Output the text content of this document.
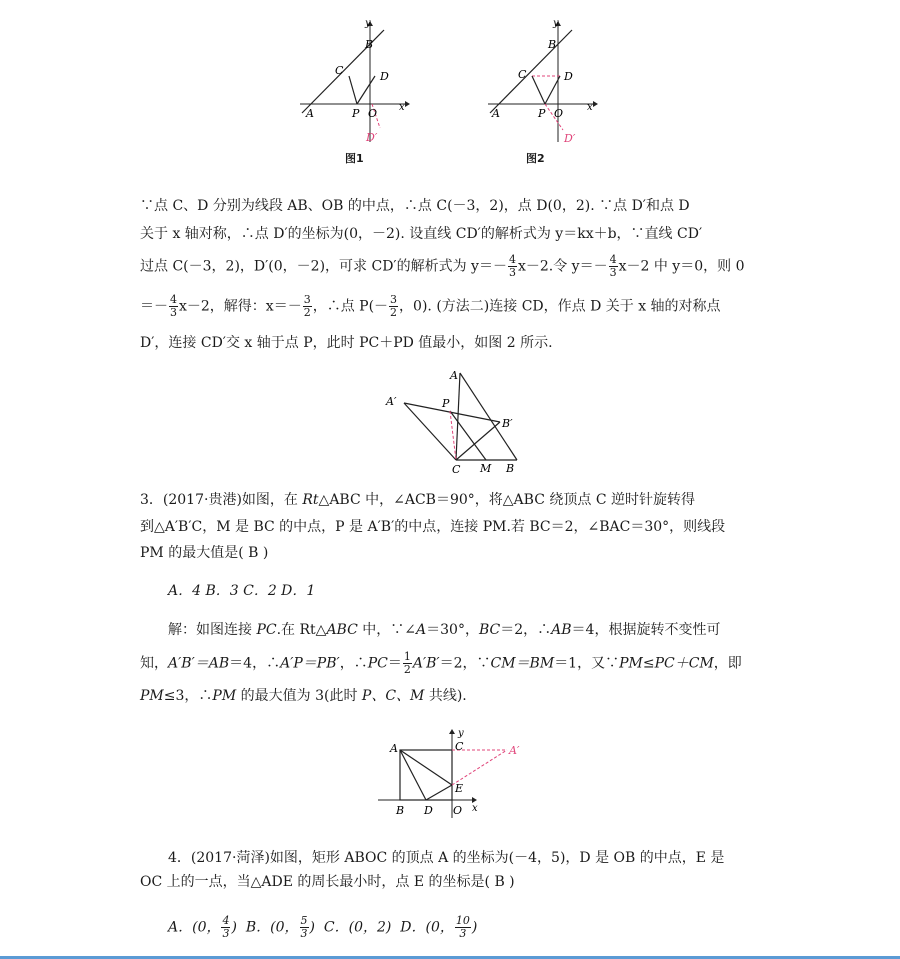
y
B
C	D
x
A	P O
D′
图1
y
B
C	D
x
A	P O
D′
图2
∵点 C、D 分别为线段 AB、OB 的中点，∴点 C(－3，2)，点 D(0，2). ∵点 D′和点 D
关于 x 轴对称，∴点 D′的坐标为(0，－2). 设直线 CD′的解析式为 y＝kx＋b，∵直线 CD′
过点 C(－3，2)，D′(0，－2)，可求 CD′的解析式为 $y=- \frac{4}{3} x-2$.令 $y=- \frac{4}{3} x-2$ 中 y＝0，则 0
＝－ $\frac{4}{3} x-2$，解得：$x=- \frac{3}{2}$ ，∴点 $P(- \frac{3}{2}$ ，0). (方法二)连接 CD，作点 D 关于 x 轴的对称点
D′，连接 CD′交 x 轴于点 P，此时 PC＋PD 值最小，如图 2 所示.
A
A′	P
B′
C M B
3．(2017·贵港)如图，在 Rt△ABC 中，∠ACB＝90°，将△ABC 绕顶点 C 逆时针旋转得
到△A′B′C，M 是 BC 的中点，P 是 A′B′的中点，连接 PM.若 BC＝2，∠BAC＝30°，则线段
PM 的最大值是( B )
A．4 B．3 C．2 D．1
解：如图连接 PC.在 Rt△ABC 中，∵∠A＝30°，BC＝2，∴AB＝4，根据旋转不变性可
知，A′B′＝AB＝4，∴A′P＝PB′，∴PC＝ $\frac{1}{2} A'B'=2$，∵CM＝BM＝1，又∵PM≤PC＋CM，即
PM≤3，∴PM 的最大值为 3(此时 P、C、M 共线).
A	C
y
A′
E
B D O x
4．(2017·菏泽)如图，矩形 ABOC 的顶点 A 的坐标为(－4，5)，D 是 OB 的中点，E 是
OC 上的一点，当△ADE 的周长最小时，点 E 的坐标是( B )
A．(0， $\frac{4}{3}$ ) B．(0， $\frac{5}{3}$ ) C．(0，2) D．(0， $\frac{10}{3}$ )
